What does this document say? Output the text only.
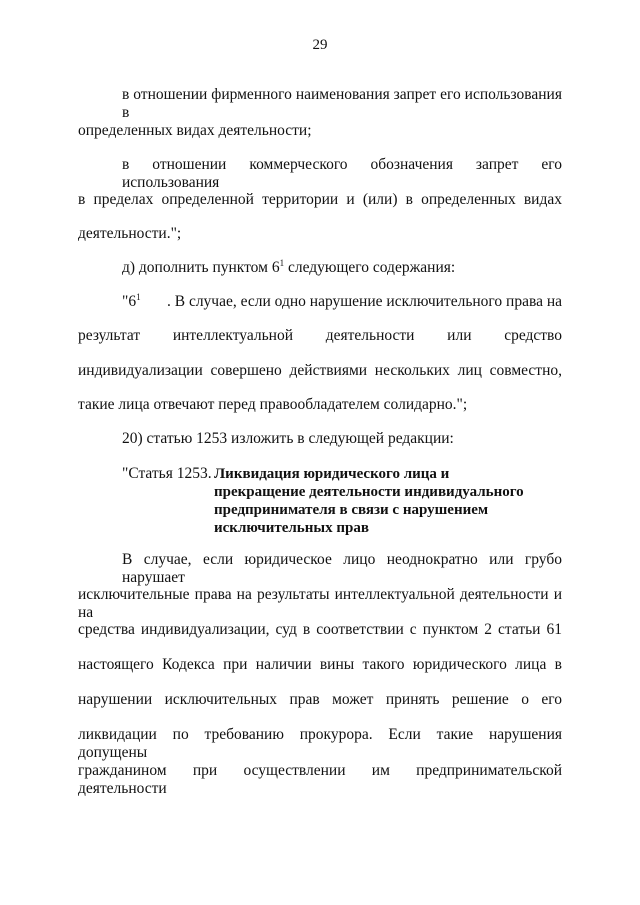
29
в отношении фирменного наименования запрет его использования в
определенных видах деятельности;
в отношении коммерческого обозначения запрет его использования
в пределах определенной территории и (или) в определенных видах
деятельности.";
д) дополнить пунктом $6^1$ следующего содержания:
"$6^1$ . В случае, если одно нарушение исключительного права на
результат интеллектуальной деятельности или средство
индивидуализации совершено действиями нескольких лиц совместно,
такие лица отвечают перед правообладателем солидарно.";
20) статью 1253 изложить в следующей редакции:
"Статья 1253. Ликвидация юридического лица и
прекращение деятельности индивидуального
предпринимателя в связи с нарушением
исключительных прав
В случае, если юридическое лицо неоднократно или грубо нарушает
исключительные права на результаты интеллектуальной деятельности и на
средства индивидуализации, суд в соответствии с пунктом 2 статьи 61
настоящего Кодекса при наличии вины такого юридического лица в
нарушении исключительных прав может принять решение о его
ликвидации по требованию прокурора. Если такие нарушения допущены
гражданином при осуществлении им предпринимательской деятельности
